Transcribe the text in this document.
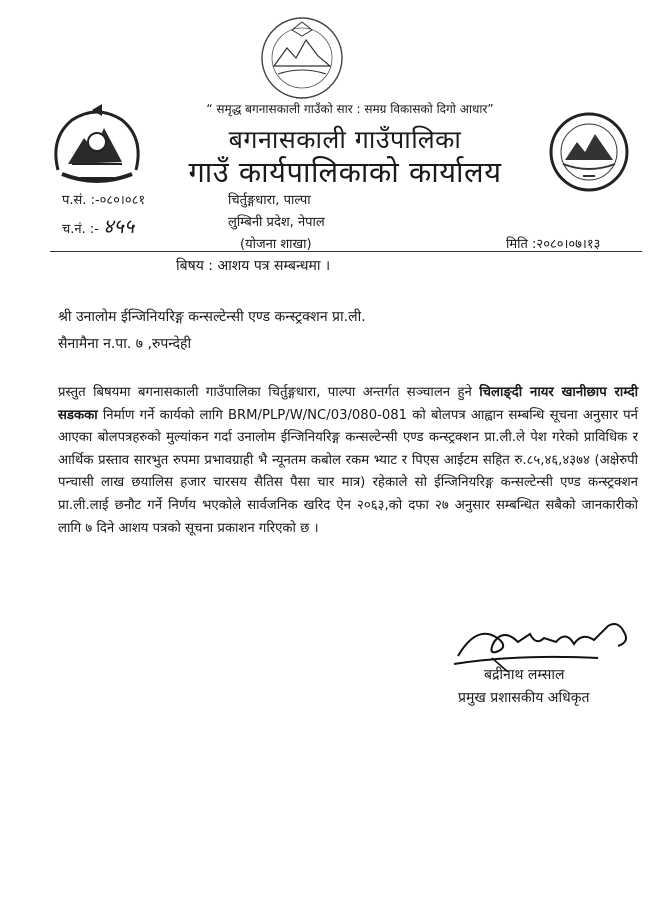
“ समृद्ध बगनासकाली गाउँको सार : समग्र विकासको दिगो आधार”
बगनासकाली गाउँपालिका
गाउँ कार्यपालिकाको कार्यालय
प.सं. :-०८०।०८१
च.नं. :- ४५५
चिर्तुङ्गधारा, पाल्पा
लुम्बिनी प्रदेश, नेपाल
(योजना शाखा)	मिति :२०८०।०७।१३
बिषय : आशय पत्र सम्बन्धमा ।
श्री उनालोम ईन्जिनियरिङ्ग कन्सल्टेन्सी एण्ड कन्स्ट्रक्शन प्रा.ली.
सैनामैना न.पा. ७ ,रुपन्देही
प्रस्तुत बिषयमा बगनासकाली गाउँपालिका चिर्तुङ्गधारा, पाल्पा अन्तर्गत सञ्चालन हुने चिलाङ्दी नायर खानीछाप राम्दी सडकका निर्माण गर्ने कार्यको लागि BRM/PLP/W/NC/03/080-081 को बोलपत्र आह्वान सम्बन्धि सूचना अनुसार पर्न आएका बोलपत्रहरुको मुल्यांकन गर्दा उनालोम ईन्जिनियरिङ्ग कन्सल्टेन्सी एण्ड कन्स्ट्रक्शन प्रा.ली.ले पेश गरेको प्राविधिक र आर्थिक प्रस्ताव सारभुत रुपमा प्रभावग्राही भै न्यूनतम कबोल रकम भ्याट र पिएस आईटम सहित रु.८५,४६,४३७४ (अक्षेरुपी पन्चासी लाख छयालिस हजार चारसय सैतिस पैसा चार मात्र) रहेकाले सो ईन्जिनियरिङ्ग कन्सल्टेन्सी एण्ड कन्स्ट्रक्शन प्रा.ली.लाई छनौट गर्ने निर्णय भएकोले सार्वजनिक खरिद ऐन २०६३,को दफा २७ अनुसार सम्बन्धित सबैको जानकारीको लागि ७ दिने आशय पत्रको सूचना प्रकाशन गरिएको छ ।
बद्रीनाथ लम्साल
प्रमुख प्रशासकीय अधिकृत
